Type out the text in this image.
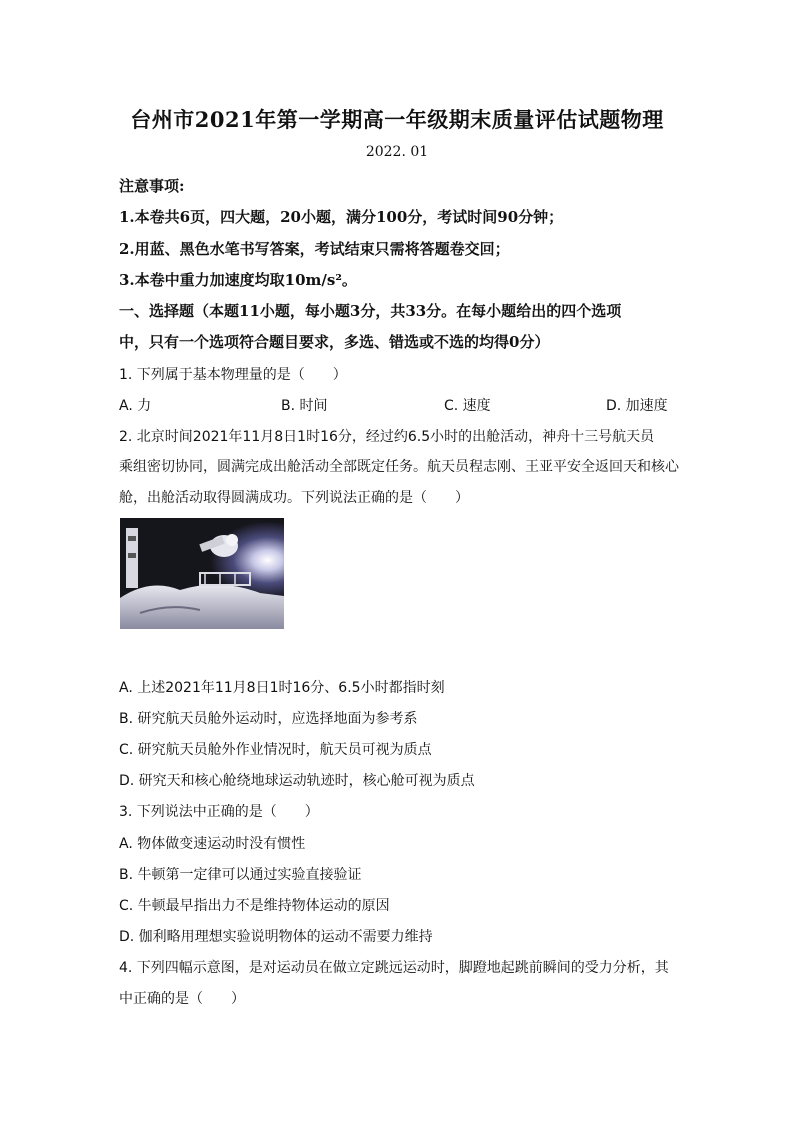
台州市2021年第一学期高一年级期末质量评估试题物理
2022. 01
注意事项:
1.本卷共6页，四大题，20小题，满分100分，考试时间90分钟；
2.用蓝、黑色水笔书写答案，考试结束只需将答题卷交回；
3.本卷中重力加速度均取10m/s²。
一、选择题（本题11小题，每小题3分，共33分。在每小题给出的四个选项
中，只有一个选项符合题目要求，多选、错选或不选的均得0分）
1. 下列属于基本物理量的是（　　）
A. 力	B. 时间	C. 速度	D. 加速度
2. 北京时间2021年11月8日1时16分，经过约6.5小时的出舱活动，神舟十三号航天员
乘组密切协同，圆满完成出舱活动全部既定任务。航天员程志刚、王亚平安全返回天和核心
舱，出舱活动取得圆满成功。下列说法正确的是（　　）
A. 上述2021年11月8日1时16分、6.5小时都指时刻
B. 研究航天员舱外运动时，应选择地面为参考系
C. 研究航天员舱外作业情况时，航天员可视为质点
D. 研究天和核心舱绕地球运动轨迹时，核心舱可视为质点
3. 下列说法中正确的是（　　）
A. 物体做变速运动时没有惯性
B. 牛顿第一定律可以通过实验直接验证
C. 牛顿最早指出力不是维持物体运动的原因
D. 伽利略用理想实验说明物体的运动不需要力维持
4. 下列四幅示意图，是对运动员在做立定跳远运动时，脚蹬地起跳前瞬间的受力分析，其
中正确的是（　　）
